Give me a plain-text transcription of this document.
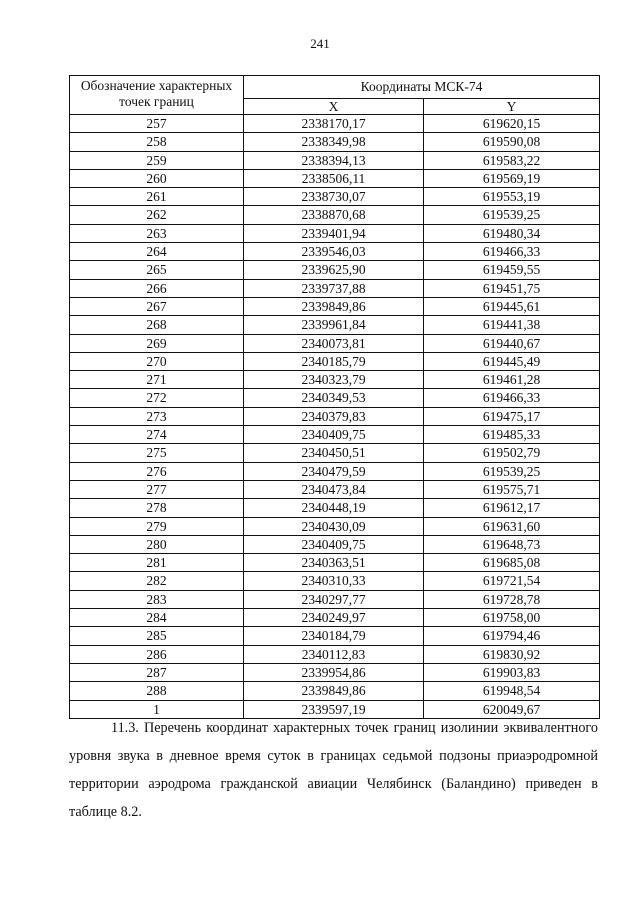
241
Обозначение характерных точек границ	Координаты МСК-74	
	X	Y
257	2338170,17	619620,15
258	2338349,98	619590,08
259	2338394,13	619583,22
260	2338506,11	619569,19
261	2338730,07	619553,19
262	2338870,68	619539,25
263	2339401,94	619480,34
264	2339546,03	619466,33
265	2339625,90	619459,55
266	2339737,88	619451,75
267	2339849,86	619445,61
268	2339961,84	619441,38
269	2340073,81	619440,67
270	2340185,79	619445,49
271	2340323,79	619461,28
272	2340349,53	619466,33
273	2340379,83	619475,17
274	2340409,75	619485,33
275	2340450,51	619502,79
276	2340479,59	619539,25
277	2340473,84	619575,71
278	2340448,19	619612,17
279	2340430,09	619631,60
280	2340409,75	619648,73
281	2340363,51	619685,08
282	2340310,33	619721,54
283	2340297,77	619728,78
284	2340249,97	619758,00
285	2340184,79	619794,46
286	2340112,83	619830,92
287	2339954,86	619903,83
288	2339849,86	619948,54
1	2339597,19	620049,67

11.3. Перечень координат характерных точек границ изолинии эквивалентного уровня звука в дневное время суток в границах седьмой подзоны приаэродромной территории аэродрома гражданской авиации Челябинск (Баландино) приведен в таблице 8.2.
